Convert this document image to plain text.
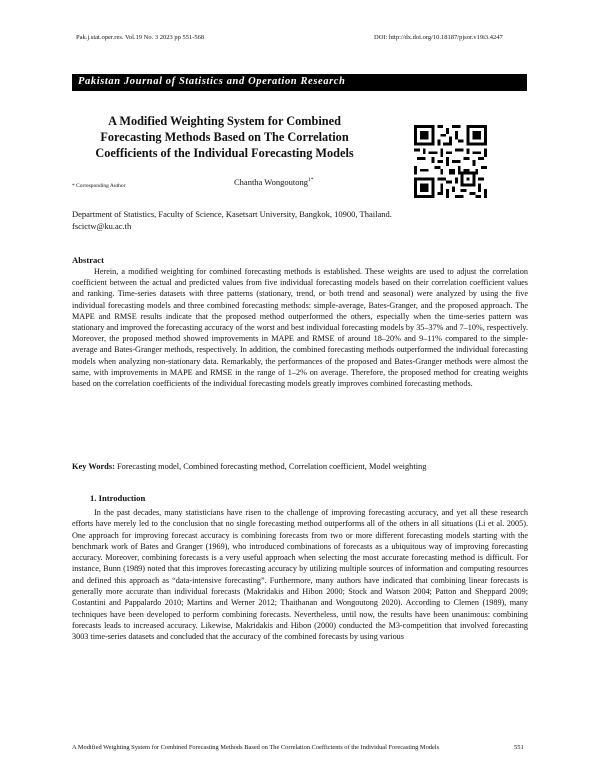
Pak.j.stat.oper.res. Vol.19 No. 3 2023 pp 551-568	DOI: http://dx.doi.org/10.18187/pjsor.v19i3.4247
Pakistan Journal of Statistics and Operation Research
A Modified Weighting System for Combined
Forecasting Methods Based on The Correlation
Coefficients of the Individual Forecasting Models
Chantha Wongoutong$^{1*}$
* Corresponding Author
Department of Statistics, Faculty of Science, Kasetsart University, Bangkok, 10900, Thailand.
fscictw@ku.ac.th
Abstract
Herein, a modified weighting for combined forecasting methods is established. These weights are used to adjust the correlation coefficient between the actual and predicted values from five individual forecasting models based on their correlation coefficient values and ranking. Time-series datasets with three patterns (stationary, trend, or both trend and seasonal) were analyzed by using the five individual forecasting models and three combined forecasting methods: simple-average, Bates-Granger, and the proposed approach. The MAPE and RMSE results indicate that the proposed method outperformed the others, especially when the time-series pattern was stationary and improved the forecasting accuracy of the worst and best individual forecasting models by 35–37% and 7–10%, respectively. Moreover, the proposed method showed improvements in MAPE and RMSE of around 18–20% and 9–11% compared to the simple-average and Bates-Granger methods, respectively. In addition, the combined forecasting methods outperformed the individual forecasting models when analyzing non-stationary data. Remarkably, the performances of the proposed and Bates-Granger methods were almost the same, with improvements in MAPE and RMSE in the range of 1–2% on average. Therefore, the proposed method for creating weights based on the correlation coefficients of the individual forecasting models greatly improves combined forecasting methods.
Key Words: Forecasting model, Combined forecasting method, Correlation coefficient, Model weighting
1. Introduction
In the past decades, many statisticians have risen to the challenge of improving forecasting accuracy, and yet all these research efforts have merely led to the conclusion that no single forecasting method outperforms all of the others in all situations (Li et al. 2005). One approach for improving forecast accuracy is combining forecasts from two or more different forecasting models starting with the benchmark work of Bates and Granger (1969), who introduced combinations of forecasts as a ubiquitous way of improving forecasting accuracy. Moreover, combining forecasts is a very useful approach when selecting the most accurate forecasting method is difficult. For instance, Bunn (1989) noted that this improves forecasting accuracy by utilizing multiple sources of information and computing resources and defined this approach as “data-intensive forecasting”. Furthermore, many authors have indicated that combining linear forecasts is generally more accurate than individual forecasts (Makridakis and Hibon 2000; Stock and Watson 2004; Patton and Sheppard 2009; Costantini and Pappalardo 2010; Martins and Werner 2012; Thaithanan and Wongoutong 2020). According to Clemen (1989), many techniques have been developed to perform combining forecasts. Nevertheless, until now, the results have been unanimous: combining forecasts leads to increased accuracy. Likewise, Makridakis and Hibon (2000) conducted the M3-competition that involved forecasting 3003 time-series datasets and concluded that the accuracy of the combined forecasts by using various
A Modified Weighting System for Combined Forecasting Methods Based on The Correlation Coefficients of the Individual Forecasting Models	551
